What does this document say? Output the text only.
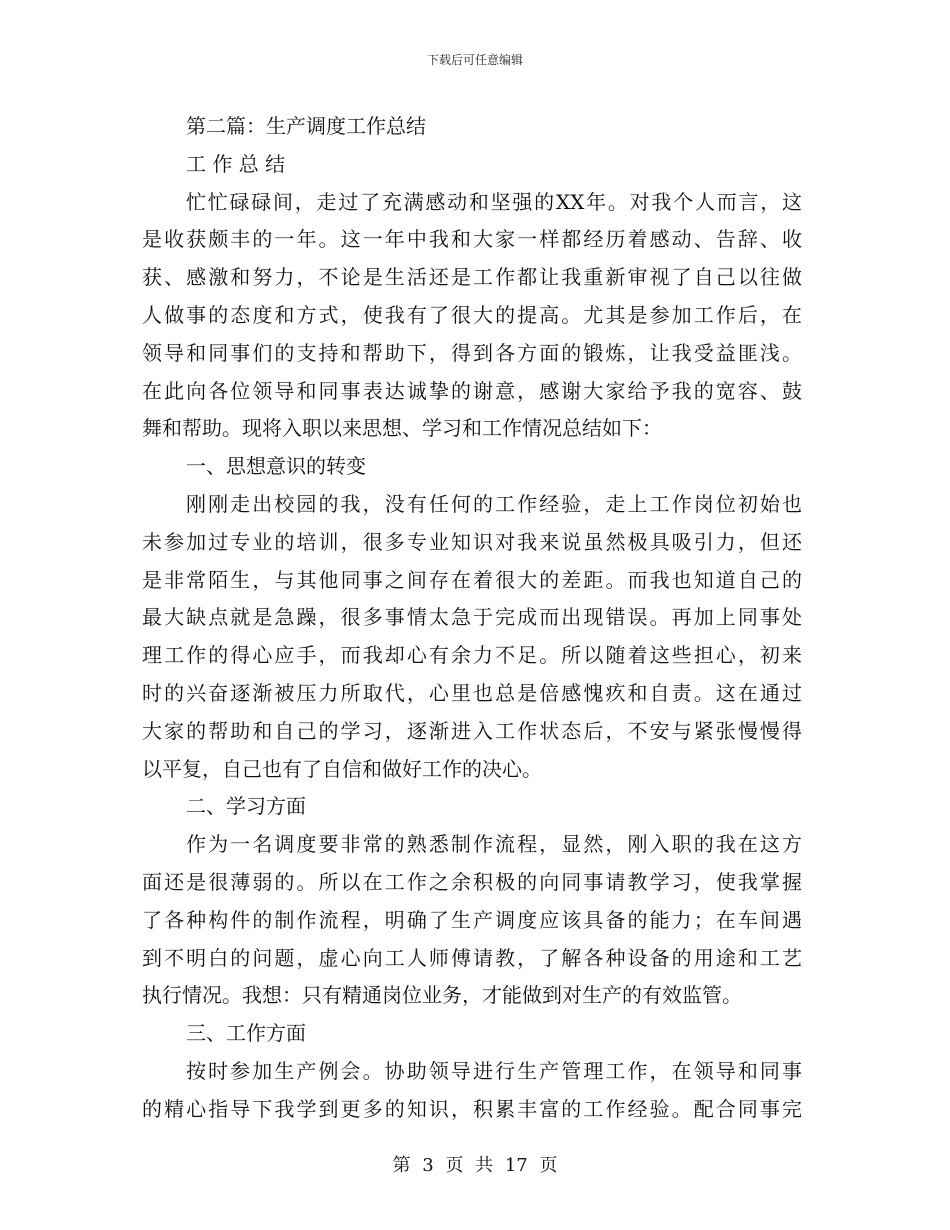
下载后可任意编辑
第二篇：生产调度工作总结
工 作 总 结
忙忙碌碌间，走过了充满感动和坚强的XX年。对我个人而言，这
是收获颇丰的一年。这一年中我和大家一样都经历着感动、告辞、收
获、感激和努力，不论是生活还是工作都让我重新审视了自己以往做
人做事的态度和方式，使我有了很大的提高。尤其是参加工作后，在
领导和同事们的支持和帮助下，得到各方面的锻炼，让我受益匪浅。
在此向各位领导和同事表达诚挚的谢意，感谢大家给予我的宽容、鼓
舞和帮助。现将入职以来思想、学习和工作情况总结如下：
一、思想意识的转变
刚刚走出校园的我，没有任何的工作经验，走上工作岗位初始也
未参加过专业的培训，很多专业知识对我来说虽然极具吸引力，但还
是非常陌生，与其他同事之间存在着很大的差距。而我也知道自己的
最大缺点就是急躁，很多事情太急于完成而出现错误。再加上同事处
理工作的得心应手，而我却心有余力不足。所以随着这些担心，初来
时的兴奋逐渐被压力所取代，心里也总是倍感愧疚和自责。这在通过
大家的帮助和自己的学习，逐渐进入工作状态后，不安与紧张慢慢得
以平复，自己也有了自信和做好工作的决心。
二、学习方面
作为一名调度要非常的熟悉制作流程，显然，刚入职的我在这方
面还是很薄弱的。所以在工作之余积极的向同事请教学习，使我掌握
了各种构件的制作流程，明确了生产调度应该具备的能力；在车间遇
到不明白的问题，虚心向工人师傅请教，了解各种设备的用途和工艺
执行情况。我想：只有精通岗位业务，才能做到对生产的有效监管。
三、工作方面
按时参加生产例会。协助领导进行生产管理工作，在领导和同事
的精心指导下我学到更多的知识，积累丰富的工作经验。配合同事完
第 3 页 共 17 页
